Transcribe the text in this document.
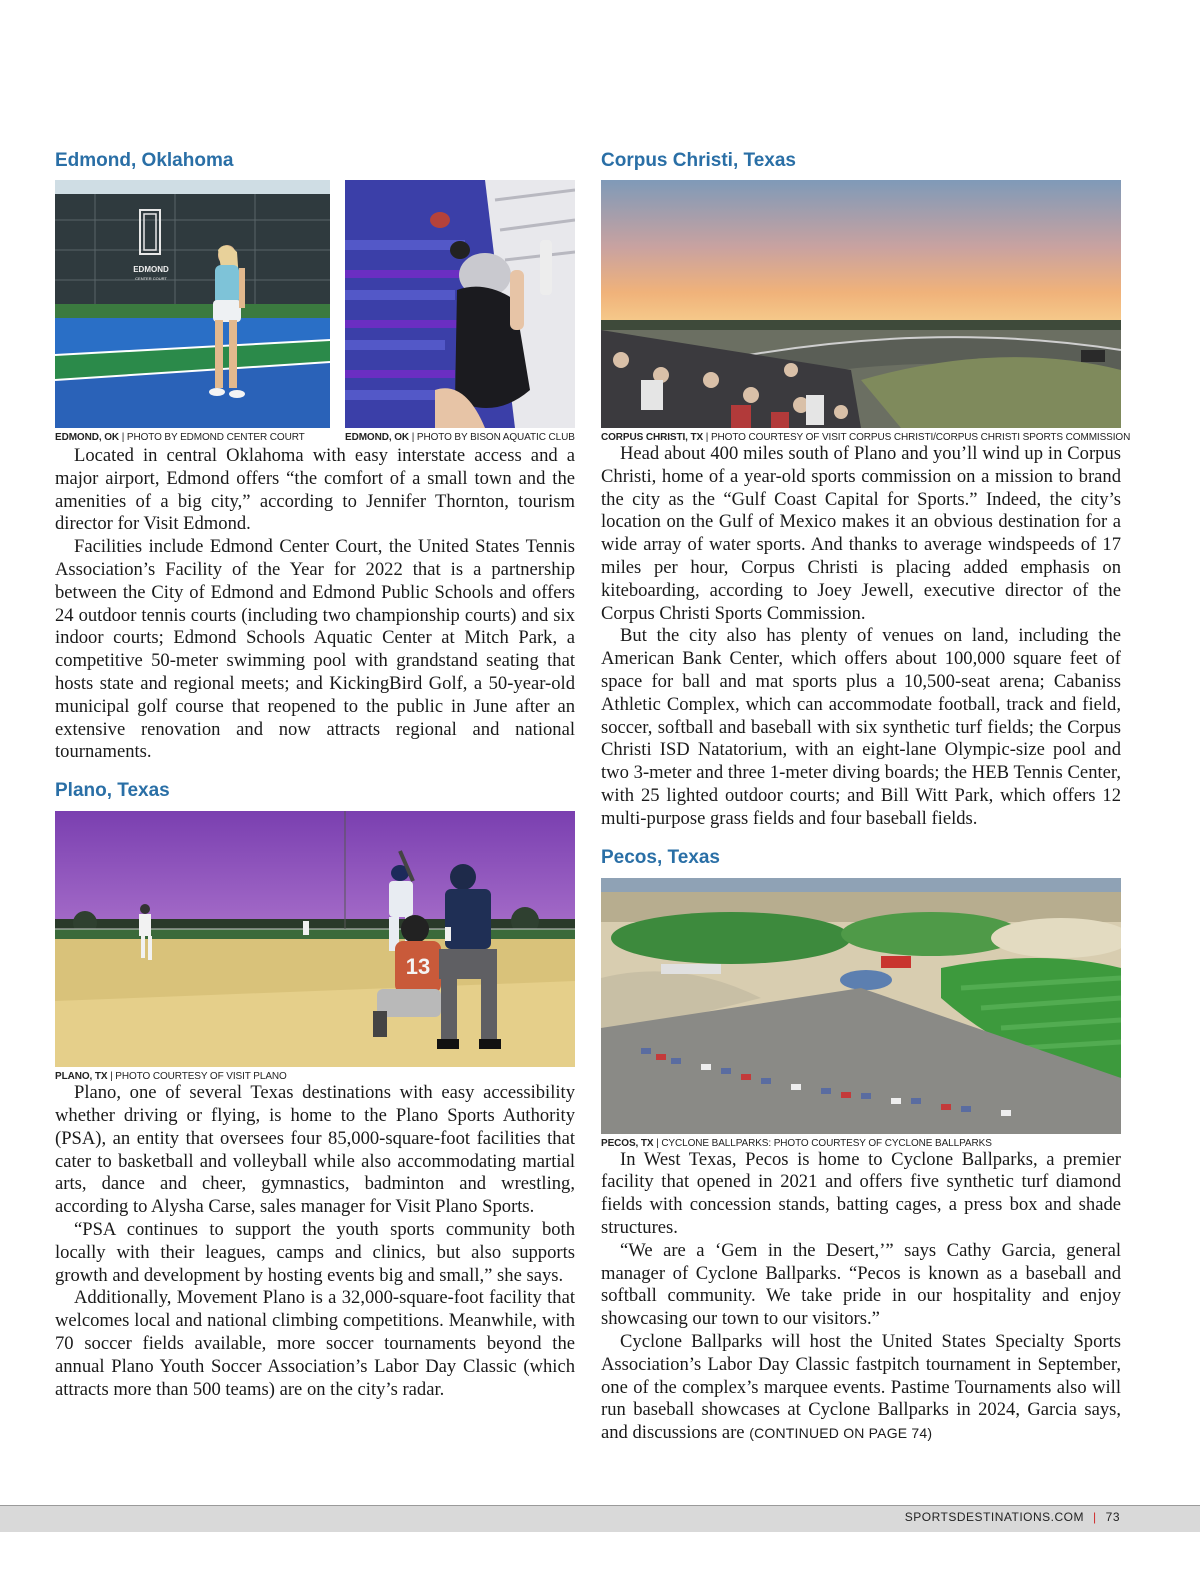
Edmond, Oklahoma
EDMOND
CENTER COURT
EDMOND, OK | PHOTO BY EDMOND CENTER COURT	EDMOND, OK | PHOTO BY BISON AQUATIC CLUB

Located in central Oklahoma with easy interstate access and a major airport, Edmond offers “the comfort of a small town and the amenities of a big city,” according to Jennifer Thornton, tourism director for Visit Edmond.

Facilities include Edmond Center Court, the United States Tennis Association’s Facility of the Year for 2022 that is a partnership between the City of Edmond and Edmond Public Schools and offers 24 outdoor tennis courts (including two championship courts) and six indoor courts; Edmond Schools Aquatic Center at Mitch Park, a competitive 50-meter swimming pool with grandstand seating that hosts state and regional meets; and KickingBird Golf, a 50-year-old municipal golf course that reopened to the public in June after an extensive renovation and now attracts regional and national tournaments.

Plano, Texas
13
PLANO, TX | PHOTO COURTESY OF VISIT PLANO

Plano, one of several Texas destinations with easy accessibility whether driving or flying, is home to the Plano Sports Authority (PSA), an entity that oversees four 85,000-square-foot facilities that cater to basketball and volleyball while also accommodating martial arts, dance and cheer, gymnastics, badminton and wrestling, according to Alysha Carse, sales manager for Visit Plano Sports.

“PSA continues to support the youth sports community both locally with their leagues, camps and clinics, but also supports growth and development by hosting events big and small,” she says.

Additionally, Movement Plano is a 32,000-square-foot facility that welcomes local and national climbing competitions. Meanwhile, with 70 soccer fields available, more soccer tournaments beyond the annual Plano Youth Soccer Association’s Labor Day Classic (which attracts more than 500 teams) are on the city’s radar.

Corpus Christi, Texas
CORPUS CHRISTI, TX | PHOTO COURTESY OF VISIT CORPUS CHRISTI/CORPUS CHRISTI SPORTS COMMISSION

Head about 400 miles south of Plano and you’ll wind up in Corpus Christi, home of a year-old sports commission on a mission to brand the city as the “Gulf Coast Capital for Sports.” Indeed, the city’s location on the Gulf of Mexico makes it an obvious destination for a wide array of water sports. And thanks to average windspeeds of 17 miles per hour, Corpus Christi is placing added emphasis on kiteboarding, according to Joey Jewell, executive director of the Corpus Christi Sports Commission.

But the city also has plenty of venues on land, including the American Bank Center, which offers about 100,000 square feet of space for ball and mat sports plus a 10,500-seat arena; Cabaniss Athletic Complex, which can accommodate football, track and field, soccer, softball and baseball with six synthetic turf fields; the Corpus Christi ISD Natatorium, with an eight-lane Olympic-size pool and two 3-meter and three 1-meter diving boards; the HEB Tennis Center, with 25 lighted outdoor courts; and Bill Witt Park, which offers 12 multi-purpose grass fields and four baseball fields.

Pecos, Texas
PECOS, TX | CYCLONE BALLPARKS: PHOTO COURTESY OF CYCLONE BALLPARKS

In West Texas, Pecos is home to Cyclone Ballparks, a premier facility that opened in 2021 and offers five synthetic turf diamond fields with concession stands, batting cages, a press box and shade structures.

“We are a ‘Gem in the Desert,’” says Cathy Garcia, general manager of Cyclone Ballparks. “Pecos is known as a baseball and softball community. We take pride in our hospitality and enjoy showcasing our town to our visitors.”

Cyclone Ballparks will host the United States Specialty Sports Association’s Labor Day Classic fastpitch tournament in September, one of the complex’s marquee events. Pastime Tournaments also will run baseball showcases at Cyclone Ballparks in 2024, Garcia says, and discussions are (CONTINUED ON PAGE 74)

SPORTSDESTINATIONS.COM | 73
